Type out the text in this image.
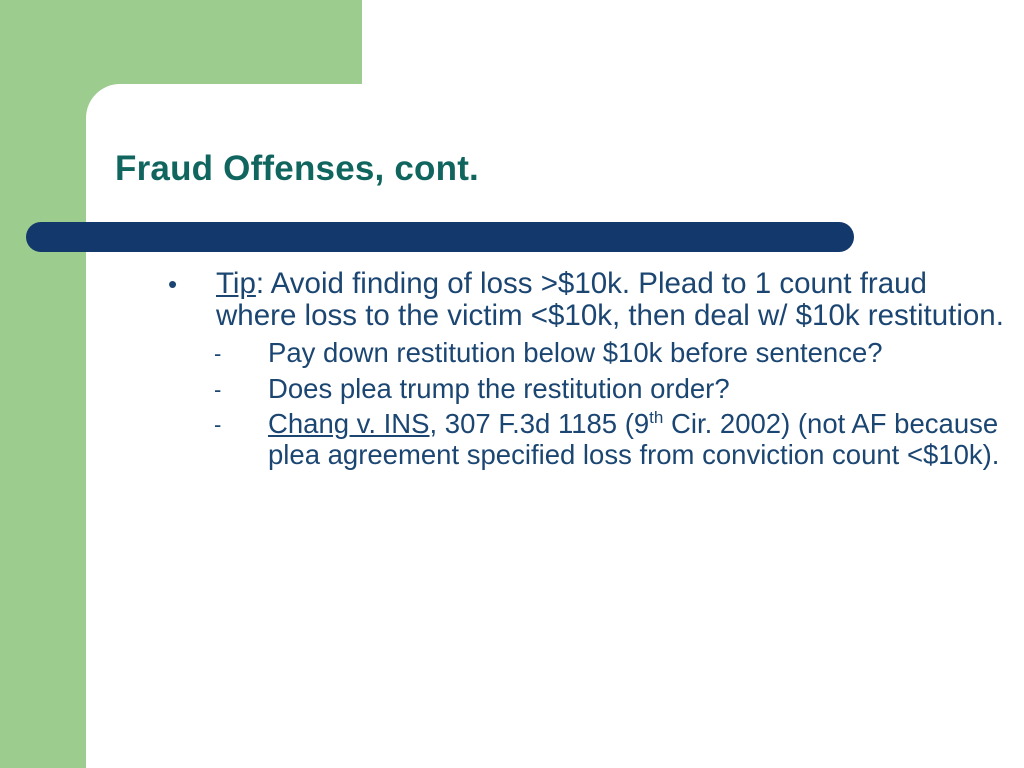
Fraud Offenses, cont.
• Tip: Avoid finding of loss >$10k. Plead to 1 count fraud where loss to the victim <$10k, then deal w/ $10k restitution.
- Pay down restitution below $10k before sentence?
- Does plea trump the restitution order?
- Chang v. INS, 307 F.3d 1185 (9th Cir. 2002) (not AF because plea agreement specified loss from conviction count <$10k).
